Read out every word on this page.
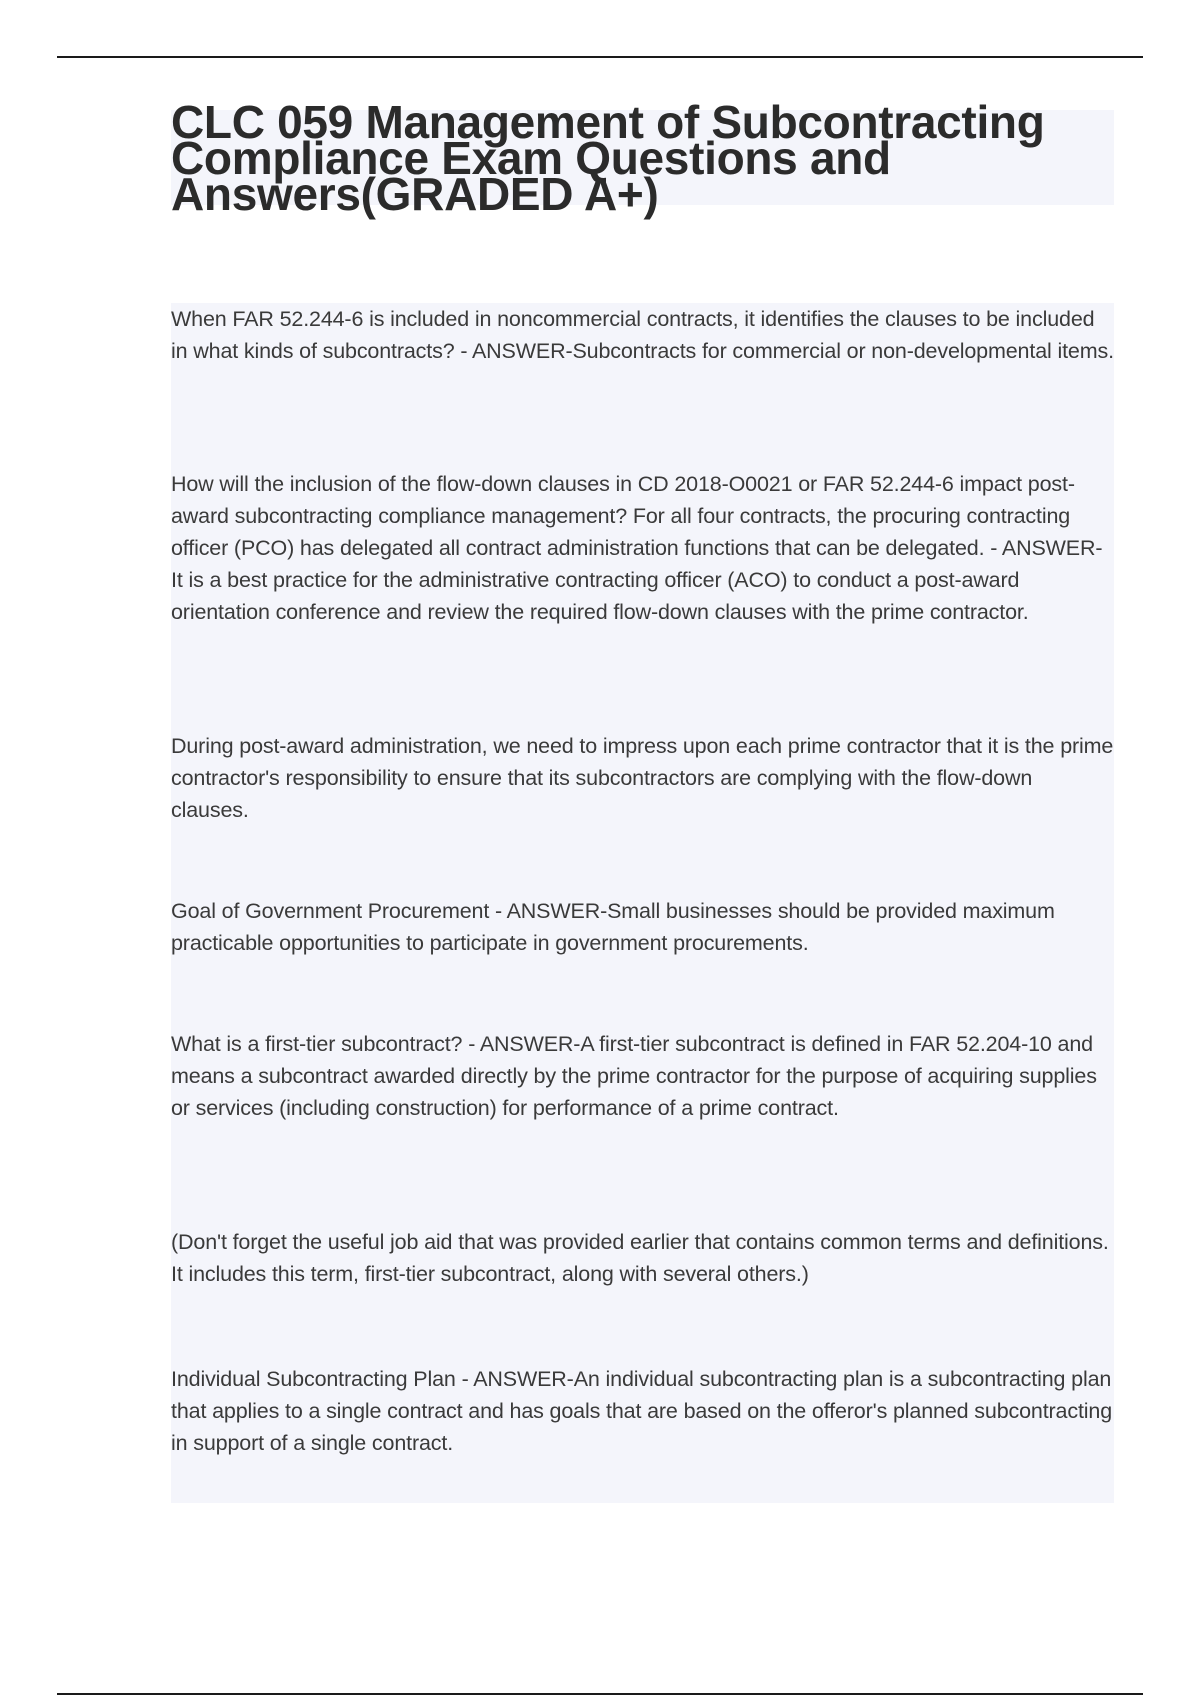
CLC 059 Management of Subcontracting Compliance Exam Questions and Answers(GRADED A+)

When FAR 52.244-6 is included in noncommercial contracts, it identifies the clauses to be included in what kinds of subcontracts? - ANSWER-Subcontracts for commercial or non-developmental items.

How will the inclusion of the flow-down clauses in CD 2018-O0021 or FAR 52.244-6 impact post-award subcontracting compliance management? For all four contracts, the procuring contracting officer (PCO) has delegated all contract administration functions that can be delegated. - ANSWER-It is a best practice for the administrative contracting officer (ACO) to conduct a post-award orientation conference and review the required flow-down clauses with the prime contractor.

During post-award administration, we need to impress upon each prime contractor that it is the prime contractor's responsibility to ensure that its subcontractors are complying with the flow-down clauses.

Goal of Government Procurement - ANSWER-Small businesses should be provided maximum practicable opportunities to participate in government procurements.

What is a first-tier subcontract? - ANSWER-A first-tier subcontract is defined in FAR 52.204-10 and means a subcontract awarded directly by the prime contractor for the purpose of acquiring supplies or services (including construction) for performance of a prime contract.

(Don't forget the useful job aid that was provided earlier that contains common terms and definitions. It includes this term, first-tier subcontract, along with several others.)

Individual Subcontracting Plan - ANSWER-An individual subcontracting plan is a subcontracting plan that applies to a single contract and has goals that are based on the offeror's planned subcontracting in support of a single contract.
